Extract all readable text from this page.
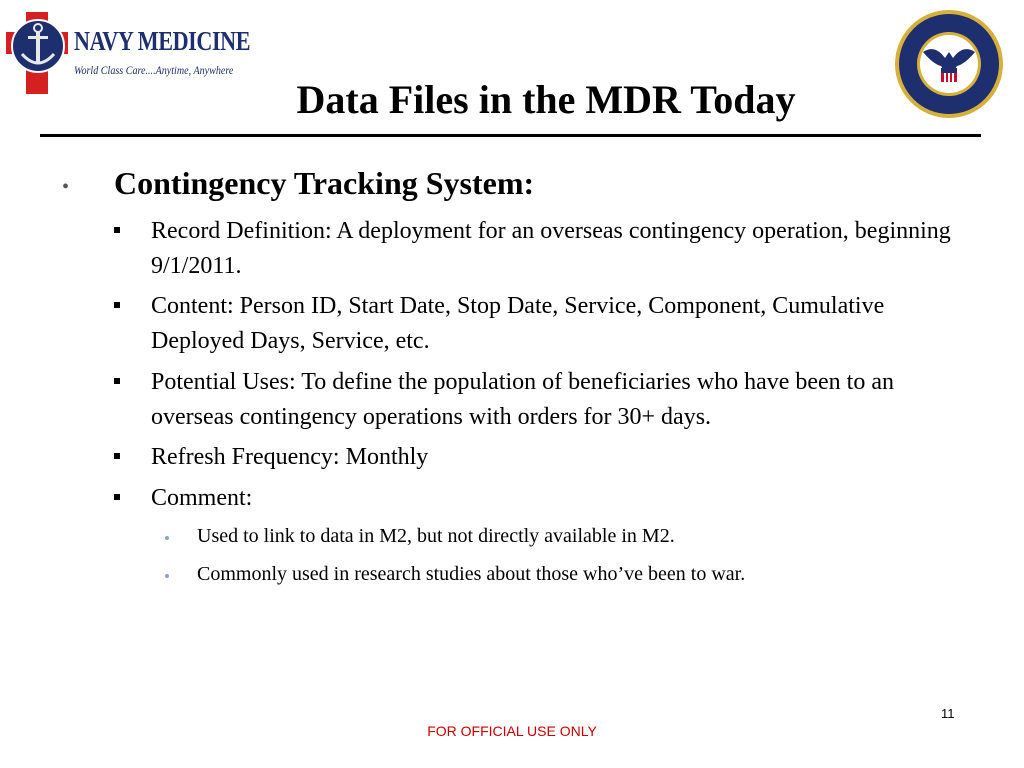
NAVY MEDICINE
World Class Care....Anytime, Anywhere
Data Files in the MDR Today
• Contingency Tracking System:
Record Definition: A deployment for an overseas contingency operation, beginning 9/1/2011.
Content: Person ID, Start Date, Stop Date, Service, Component, Cumulative Deployed Days, Service, etc.
Potential Uses: To define the population of beneficiaries who have been to an overseas contingency operations with orders for 30+ days.
Refresh Frequency: Monthly
Comment:
Used to link to data in M2, but not directly available in M2.
Commonly used in research studies about those who’ve been to war.
11
FOR OFFICIAL USE ONLY
